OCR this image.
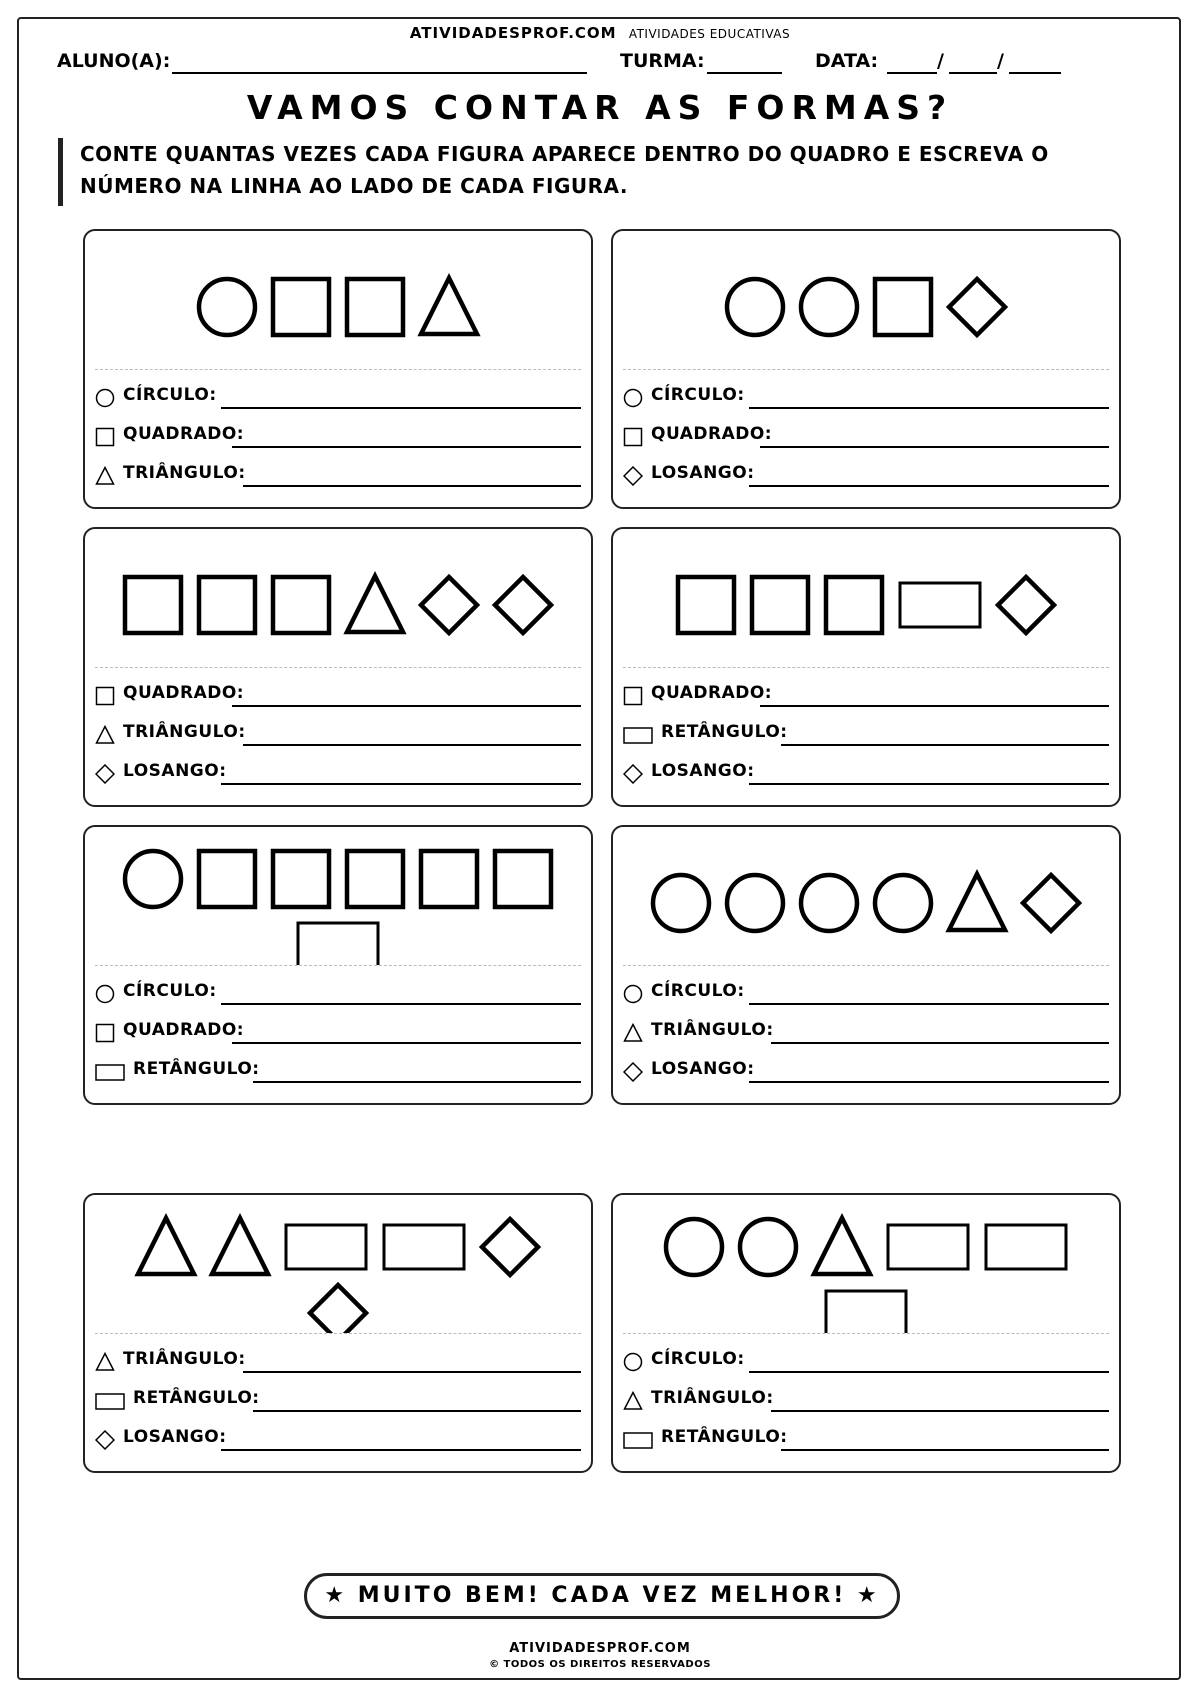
ATIVIDADESPROF.COM ATIVIDADES EDUCATIVAS
ALUNO(A):	TURMA:	DATA:	/	/
VAMOS CONTAR AS FORMAS?
CONTE QUANTAS VEZES CADA FIGURA APARECE DENTRO DO QUADRO E ESCREVA O
NÚMERO NA LINHA AO LADO DE CADA FIGURA.
CÍRCULO:
QUADRADO:
TRIÂNGULO:
CÍRCULO:
QUADRADO:
LOSANGO:
QUADRADO:
TRIÂNGULO:
LOSANGO:
QUADRADO:
RETÂNGULO:
LOSANGO:
CÍRCULO:
QUADRADO:
RETÂNGULO:
CÍRCULO:
TRIÂNGULO:
LOSANGO:
TRIÂNGULO:
RETÂNGULO:
LOSANGO:
CÍRCULO:
TRIÂNGULO:
RETÂNGULO:
★ MUITO BEM! CADA VEZ MELHOR! ★
ATIVIDADESPROF.COM
© TODOS OS DIREITOS RESERVADOS
